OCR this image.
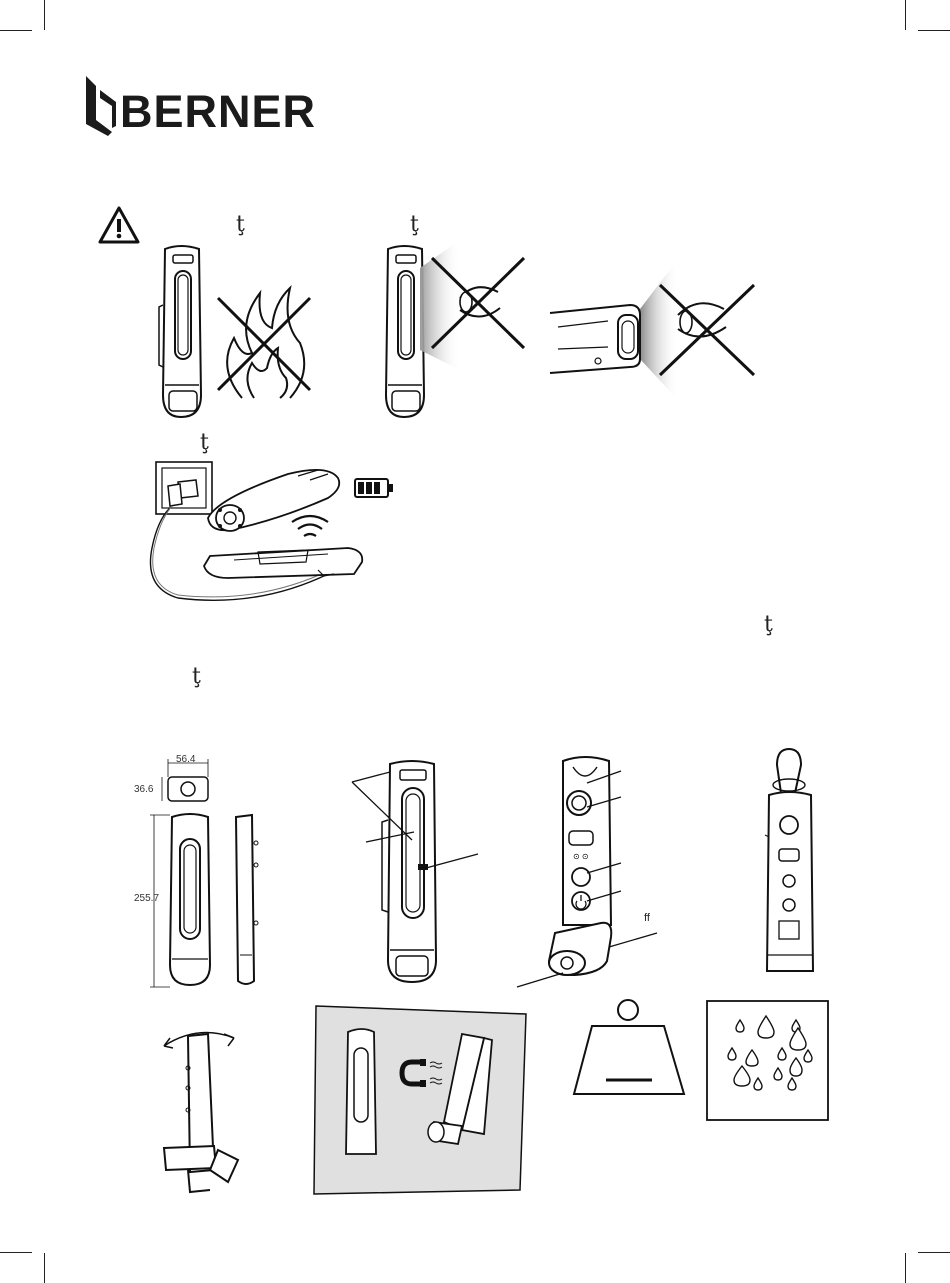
BERNER
ţ	ţ
ţ
ţ
ţ
56.4
36.6
255.7
⊙ ⊙
ff
